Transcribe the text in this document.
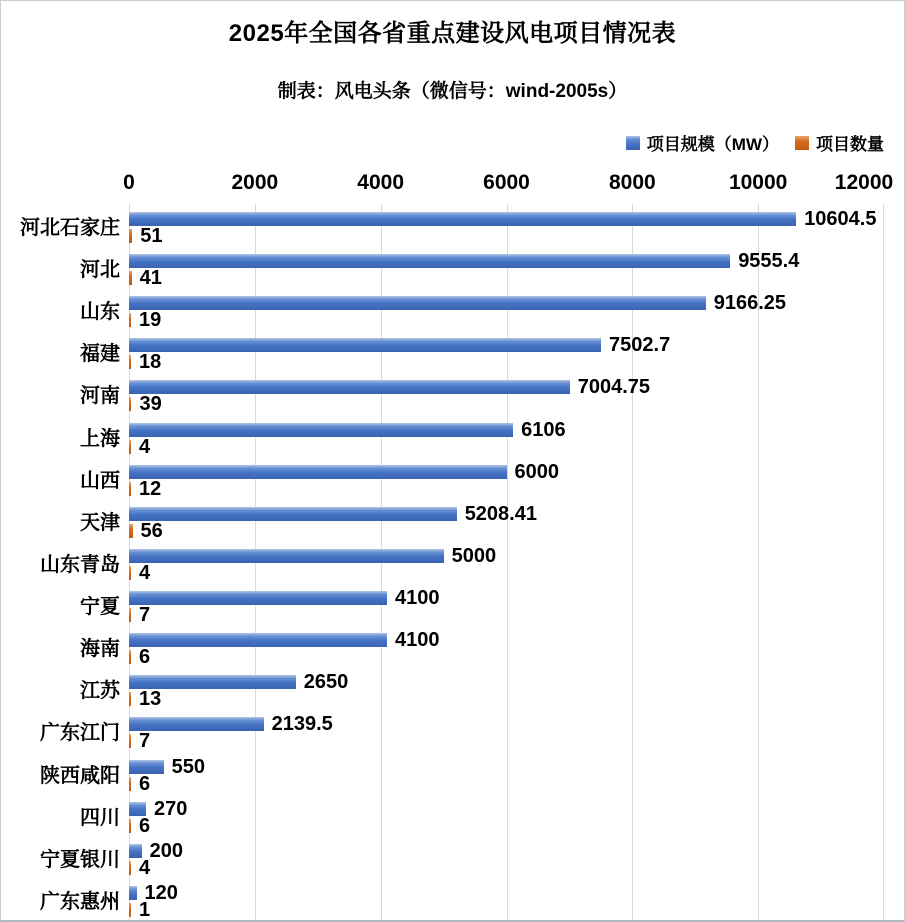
2025年全国各省重点建设风电项目情况表
制表：风电头条（微信号：wind-2005s）
项目规模（MW） 项目数量
0	2000	4000	6000	8000	10000	12000
河北石家庄	10604.5
51
河北	9555.4
41
山东	9166.25
19
福建	7502.7
18
河南	7004.75
39
上海	6106
4
山西	6000
12
天津	5208.41
56
山东青岛	5000
4
宁夏	4100
7
海南	4100
6
江苏	2650
13
广东江门	2139.5
7
陕西咸阳	550
6
四川 270
6
宁夏银川 200
4
广东惠州 120
1
